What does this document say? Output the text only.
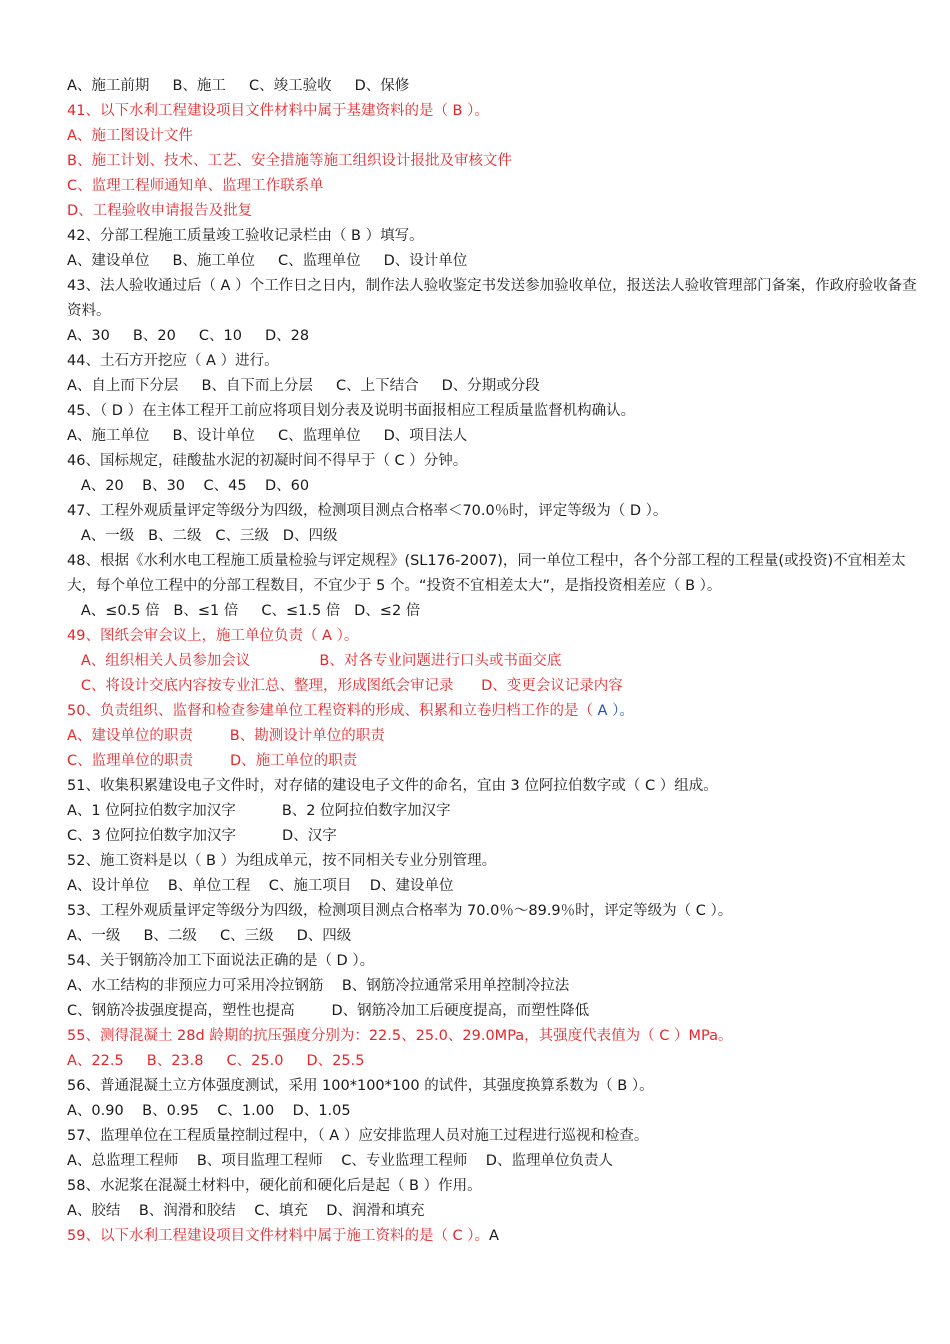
A、施工前期     B、施工     C、竣工验收     D、保修
41、以下水利工程建设项目文件材料中属于基建资料的是（ B ）。
A、施工图设计文件
B、施工计划、技术、工艺、安全措施等施工组织设计报批及审核文件
C、监理工程师通知单、监理工作联系单
D、工程验收申请报告及批复
42、分部工程施工质量竣工验收记录栏由（ B ）填写。
A、建设单位     B、施工单位     C、监理单位     D、设计单位
43、法人验收通过后（ A ）个工作日之日内，制作法人验收鉴定书发送参加验收单位，报送法人验收管理部门备案，作政府验收备查资料。
A、30     B、20     C、10     D、28
44、土石方开挖应（ A ）进行。
A、自上而下分层     B、自下而上分层     C、上下结合     D、分期或分段
45、（ D ）在主体工程开工前应将项目划分表及说明书面报相应工程质量监督机构确认。
A、施工单位     B、设计单位     C、监理单位     D、项目法人
46、国标规定，硅酸盐水泥的初凝时间不得早于（ C ）分钟。
A、20    B、30    C、45    D、60
47、工程外观质量评定等级分为四级，检测项目测点合格率＜70.0％时，评定等级为（ D ）。
A、一级   B、二级   C、三级   D、四级
48、根据《水利水电工程施工质量检验与评定规程》(SL176-2007)，同一单位工程中，各个分部工程的工程量(或投资)不宜相差太大，每个单位工程中的分部工程数目，不宜少于 5 个。“投资不宜相差太大”，是指投资相差应（ B ）。
A、≤0.5 倍   B、≤1 倍     C、≤1.5 倍   D、≤2 倍
49、图纸会审会议上，施工单位负责（ A ）。
A、组织相关人员参加会议               B、对各专业问题进行口头或书面交底
C、将设计交底内容按专业汇总、整理，形成图纸会审记录      D、变更会议记录内容
50、负责组织、监督和检查参建单位工程资料的形成、积累和立卷归档工作的是（ A ）。
A、建设单位的职责        B、勘测设计单位的职责
C、监理单位的职责        D、施工单位的职责
51、收集积累建设电子文件时，对存储的建设电子文件的命名，宜由 3 位阿拉伯数字或（ C ）组成。
A、1 位阿拉伯数字加汉字          B、2 位阿拉伯数字加汉字
C、3 位阿拉伯数字加汉字          D、汉字
52、施工资料是以（ B ）为组成单元，按不同相关专业分别管理。
A、设计单位    B、单位工程    C、施工项目    D、建设单位
53、工程外观质量评定等级分为四级，检测项目测点合格率为 70.0％～89.9％时，评定等级为（ C ）。
A、一级     B、二级     C、三级     D、四级
54、关于钢筋冷加工下面说法正确的是（ D ）。
A、水工结构的非预应力可采用冷拉钢筋    B、钢筋冷拉通常采用单控制冷拉法
C、钢筋冷拔强度提高，塑性也提高        D、钢筋冷加工后硬度提高，而塑性降低
55、测得混凝土 28d 龄期的抗压强度分别为：22.5、25.0、29.0MPa，其强度代表值为（ C ）MPa。
A、22.5     B、23.8     C、25.0     D、25.5
56、普通混凝土立方体强度测试，采用 100*100*100 的试件，其强度换算系数为（ B ）。
A、0.90    B、0.95    C、1.00    D、1.05
57、监理单位在工程质量控制过程中，（ A ）应安排监理人员对施工过程进行巡视和检查。
A、总监理工程师    B、项目监理工程师    C、专业监理工程师    D、监理单位负责人
58、水泥浆在混凝土材料中，硬化前和硬化后是起（ B ）作用。
A、胶结    B、润滑和胶结    C、填充    D、润滑和填充
59、以下水利工程建设项目文件材料中属于施工资料的是（ C ）。A
